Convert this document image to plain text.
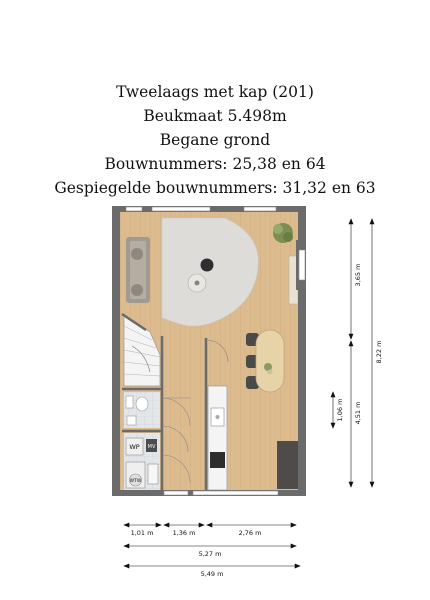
Tweelaags met kap (201)
Beukmaat 5.498m
Begane grond
Bouwnummers: 25,38 en 64
Gespiegelde bouwnummers: 31,32 en 63
WP MV
WTW
3,65 m
8,22 m
1,06 m 4,51 m
1,01 m	1,36 m	2,76 m
5,27 m
5,49 m
